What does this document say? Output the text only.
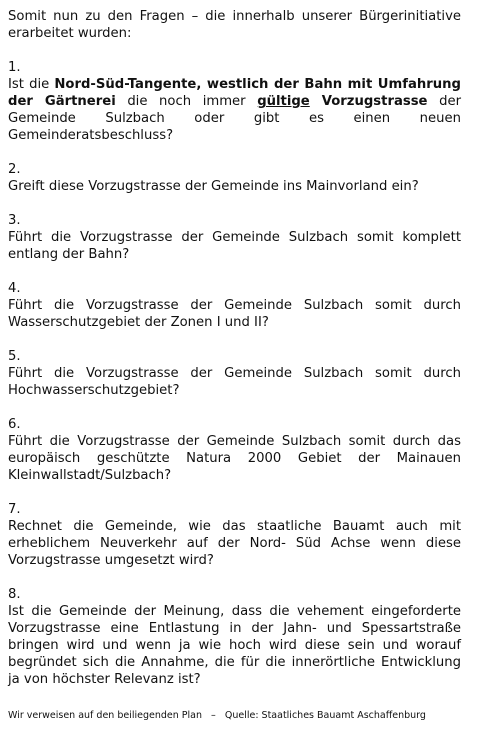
Somit nun zu den Fragen – die innerhalb unserer Bürgerinitiative erarbeitet wurden:

1.
Ist die Nord-Süd-Tangente, westlich der Bahn mit Umfahrung der Gärtnerei die noch immer gültige Vorzugstrasse der Gemeinde Sulzbach oder gibt es einen neuen Gemeinderatsbeschluss?
2.
Greift diese Vorzugstrasse der Gemeinde ins Mainvorland ein?
3.
Führt die Vorzugstrasse der Gemeinde Sulzbach somit komplett entlang der Bahn?
4.
Führt die Vorzugstrasse der Gemeinde Sulzbach somit durch Wasserschutzgebiet der Zonen I und II?
5.
Führt die Vorzugstrasse der Gemeinde Sulzbach somit durch Hochwasserschutzgebiet?
6.
Führt die Vorzugstrasse der Gemeinde Sulzbach somit durch das europäisch geschützte Natura 2000 Gebiet der Mainauen Kleinwallstadt/Sulzbach?
7.
Rechnet die Gemeinde, wie das staatliche Bauamt auch mit erheblichem Neuverkehr auf der Nord- Süd Achse wenn diese Vorzugstrasse umgesetzt wird?
8.
Ist die Gemeinde der Meinung, dass die vehement eingeforderte Vorzugstrasse eine Entlastung in der Jahn- und Spessartstraße bringen wird und wenn ja wie hoch wird diese sein und worauf begründet sich die Annahme, die für die innerörtliche Entwicklung ja von höchster Relevanz ist?
Wir verweisen auf den beiliegenden Plan   –   Quelle: Staatliches Bauamt Aschaffenburg
